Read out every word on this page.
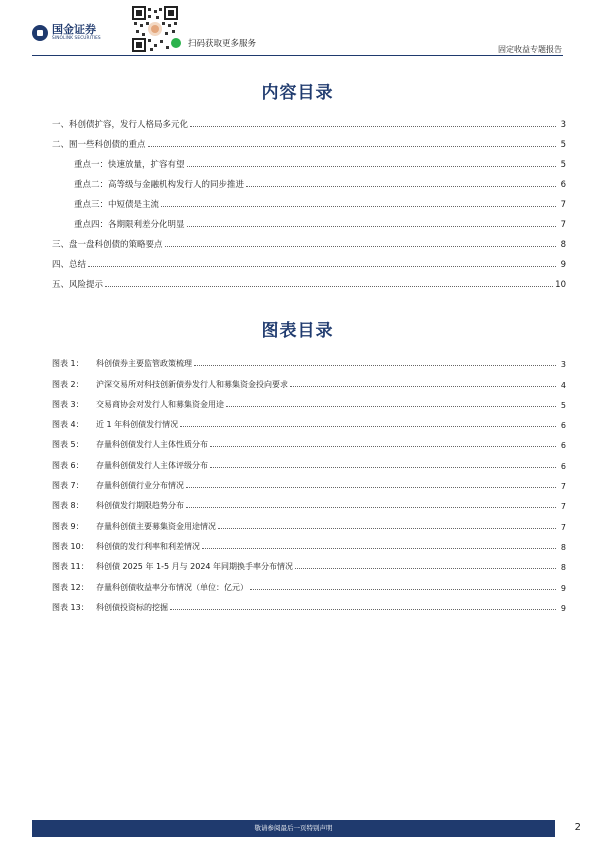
国金证券
SINOLINK SECURITIES
扫码获取更多服务
固定收益专题报告
内容目录
一、科创债扩容，发行人格局多元化	3
二、囿一些科创债的重点	5
重点一：快速放量，扩容有望	5
重点二：高等级与金融机构发行人的同步推进	6
重点三：中短债是主流	7
重点四：各期限利差分化明显	7
三、盘一盘科创债的策略要点	8
四、总结	9
五、风险提示	10
图表目录
图表 1：	科创债券主要监管政策梳理	3
图表 2：	沪深交易所对科技创新债券发行人和募集资金投向要求	4
图表 3：	交易商协会对发行人和募集资金用途	5
图表 4：	近 1 年科创债发行情况	6
图表 5：	存量科创债发行人主体性质分布	6
图表 6：	存量科创债发行人主体评级分布	6
图表 7：	存量科创债行业分布情况	7
图表 8：	科创债发行期限趋势分布	7
图表 9：	存量科创债主要募集资金用途情况	7
图表 10： 科创债的发行利率和利差情况	8
图表 11： 科创债 2025 年 1-5 月与 2024 年同期换手率分布情况	8
图表 12： 存量科创债收益率分布情况（单位：亿元）	9
图表 13： 科创债投资标的挖掘	9
敬请参阅最后一页特别声明	2
